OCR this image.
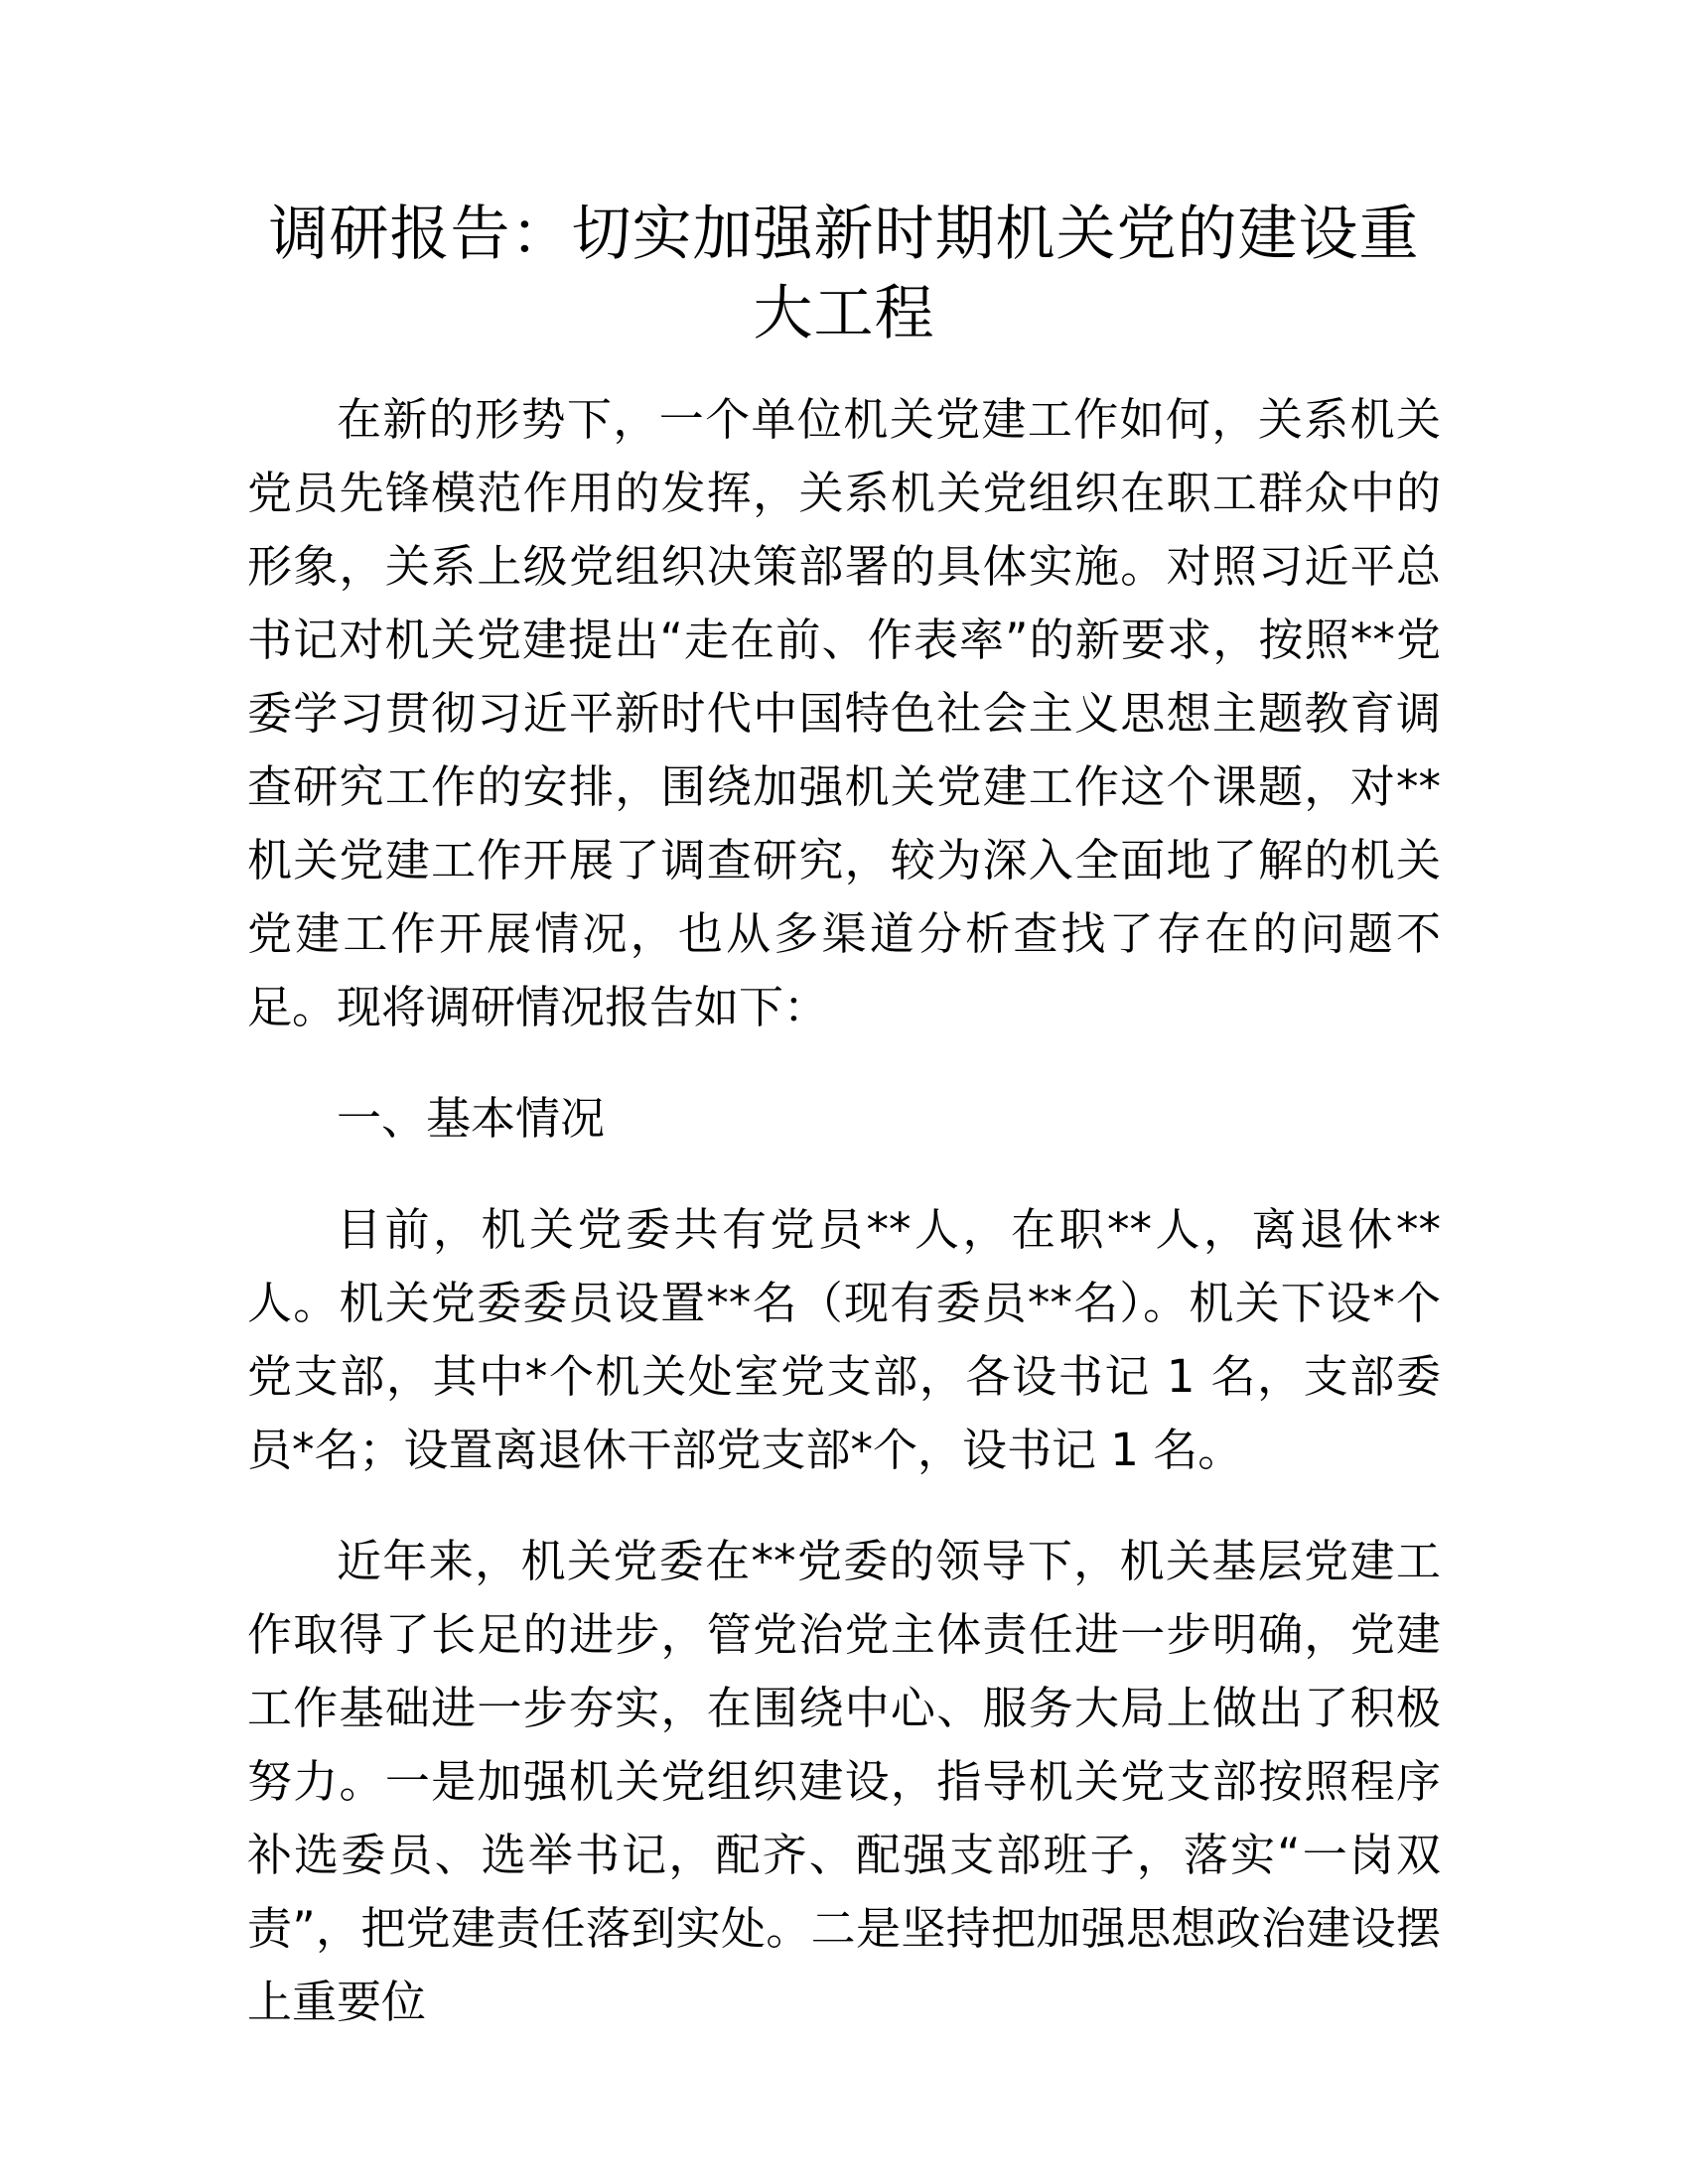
调研报告：切实加强新时期机关党的建设重大工程

在新的形势下，一个单位机关党建工作如何，关系机关党员先锋模范作用的发挥，关系机关党组织在职工群众中的形象，关系上级党组织决策部署的具体实施。对照习近平总书记对机关党建提出“走在前、作表率”的新要求，按照**党委学习贯彻习近平新时代中国特色社会主义思想主题教育调查研究工作的安排，围绕加强机关党建工作这个课题，对**机关党建工作开展了调查研究，较为深入全面地了解的机关党建工作开展情况，也从多渠道分析查找了存在的问题不足。现将调研情况报告如下：

一、基本情况

目前，机关党委共有党员**人，在职**人，离退休**人。机关党委委员设置**名（现有委员**名）。机关下设*个党支部，其中*个机关处室党支部，各设书记 1 名，支部委员*名；设置离退休干部党支部*个，设书记 1 名。

近年来，机关党委在**党委的领导下，机关基层党建工作取得了长足的进步，管党治党主体责任进一步明确，党建工作基础进一步夯实，在围绕中心、服务大局上做出了积极努力。一是加强机关党组织建设，指导机关党支部按照程序补选委员、选举书记，配齐、配强支部班子，落实“一岗双责”，把党建责任落到实处。二是坚持把加强思想政治建设摆上重要位
